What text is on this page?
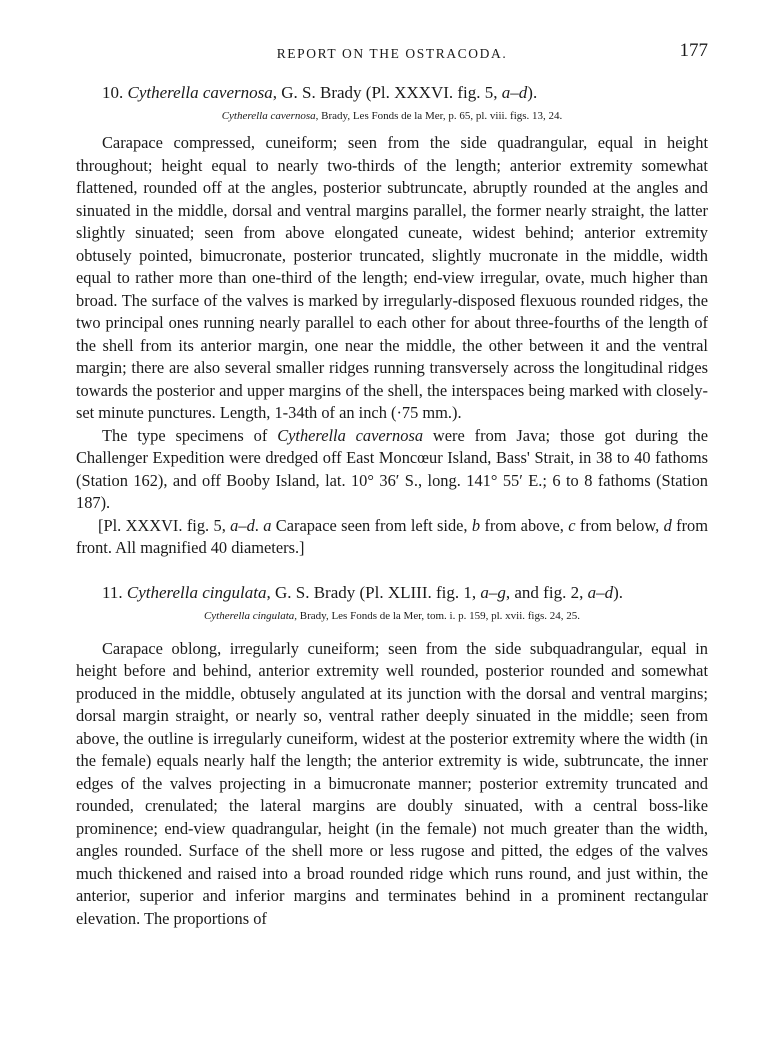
REPORT ON THE OSTRACODA.	177
10. Cytherella cavernosa, G. S. Brady (Pl. XXXVI. fig. 5, a–d).
Cytherella cavernosa, Brady, Les Fonds de la Mer, p. 65, pl. viii. figs. 13, 24.

Carapace compressed, cuneiform; seen from the side quadrangular, equal in height throughout; height equal to nearly two-thirds of the length; anterior extremity somewhat flattened, rounded off at the angles, posterior subtruncate, abruptly rounded at the angles and sinuated in the middle, dorsal and ventral margins parallel, the former nearly straight, the latter slightly sinuated; seen from above elongated cuneate, widest behind; anterior extremity obtusely pointed, bimucronate, posterior truncated, slightly mucronate in the middle, width equal to rather more than one-third of the length; end-view irregular, ovate, much higher than broad. The surface of the valves is marked by irregularly-disposed flexuous rounded ridges, the two principal ones running nearly parallel to each other for about three-fourths of the length of the shell from its anterior margin, one near the middle, the other between it and the ventral margin; there are also several smaller ridges running transversely across the longitudinal ridges towards the posterior and upper margins of the shell, the interspaces being marked with closely-set minute punctures. Length, 1-34th of an inch (·75 mm.).

The type specimens of Cytherella cavernosa were from Java; those got during the Challenger Expedition were dredged off East Moncœur Island, Bass' Strait, in 38 to 40 fathoms (Station 162), and off Booby Island, lat. 10° 36′ S., long. 141° 55′ E.; 6 to 8 fathoms (Station 187).

[Pl. XXXVI. fig. 5, a–d. a Carapace seen from left side, b from above, c from below, d from front. All magnified 40 diameters.]

11. Cytherella cingulata, G. S. Brady (Pl. XLIII. fig. 1, a–g, and fig. 2, a–d).
Cytherella cingulata, Brady, Les Fonds de la Mer, tom. i. p. 159, pl. xvii. figs. 24, 25.

Carapace oblong, irregularly cuneiform; seen from the side subquadrangular, equal in height before and behind, anterior extremity well rounded, posterior rounded and somewhat produced in the middle, obtusely angulated at its junction with the dorsal and ventral margins; dorsal margin straight, or nearly so, ventral rather deeply sinuated in the middle; seen from above, the outline is irregularly cuneiform, widest at the posterior extremity where the width (in the female) equals nearly half the length; the anterior extremity is wide, subtruncate, the inner edges of the valves projecting in a bimucronate manner; posterior extremity truncated and rounded, crenulated; the lateral margins are doubly sinuated, with a central boss-like prominence; end-view quadrangular, height (in the female) not much greater than the width, angles rounded. Surface of the shell more or less rugose and pitted, the edges of the valves much thickened and raised into a broad rounded ridge which runs round, and just within, the anterior, superior and inferior margins and terminates behind in a prominent rectangular elevation. The proportions of
